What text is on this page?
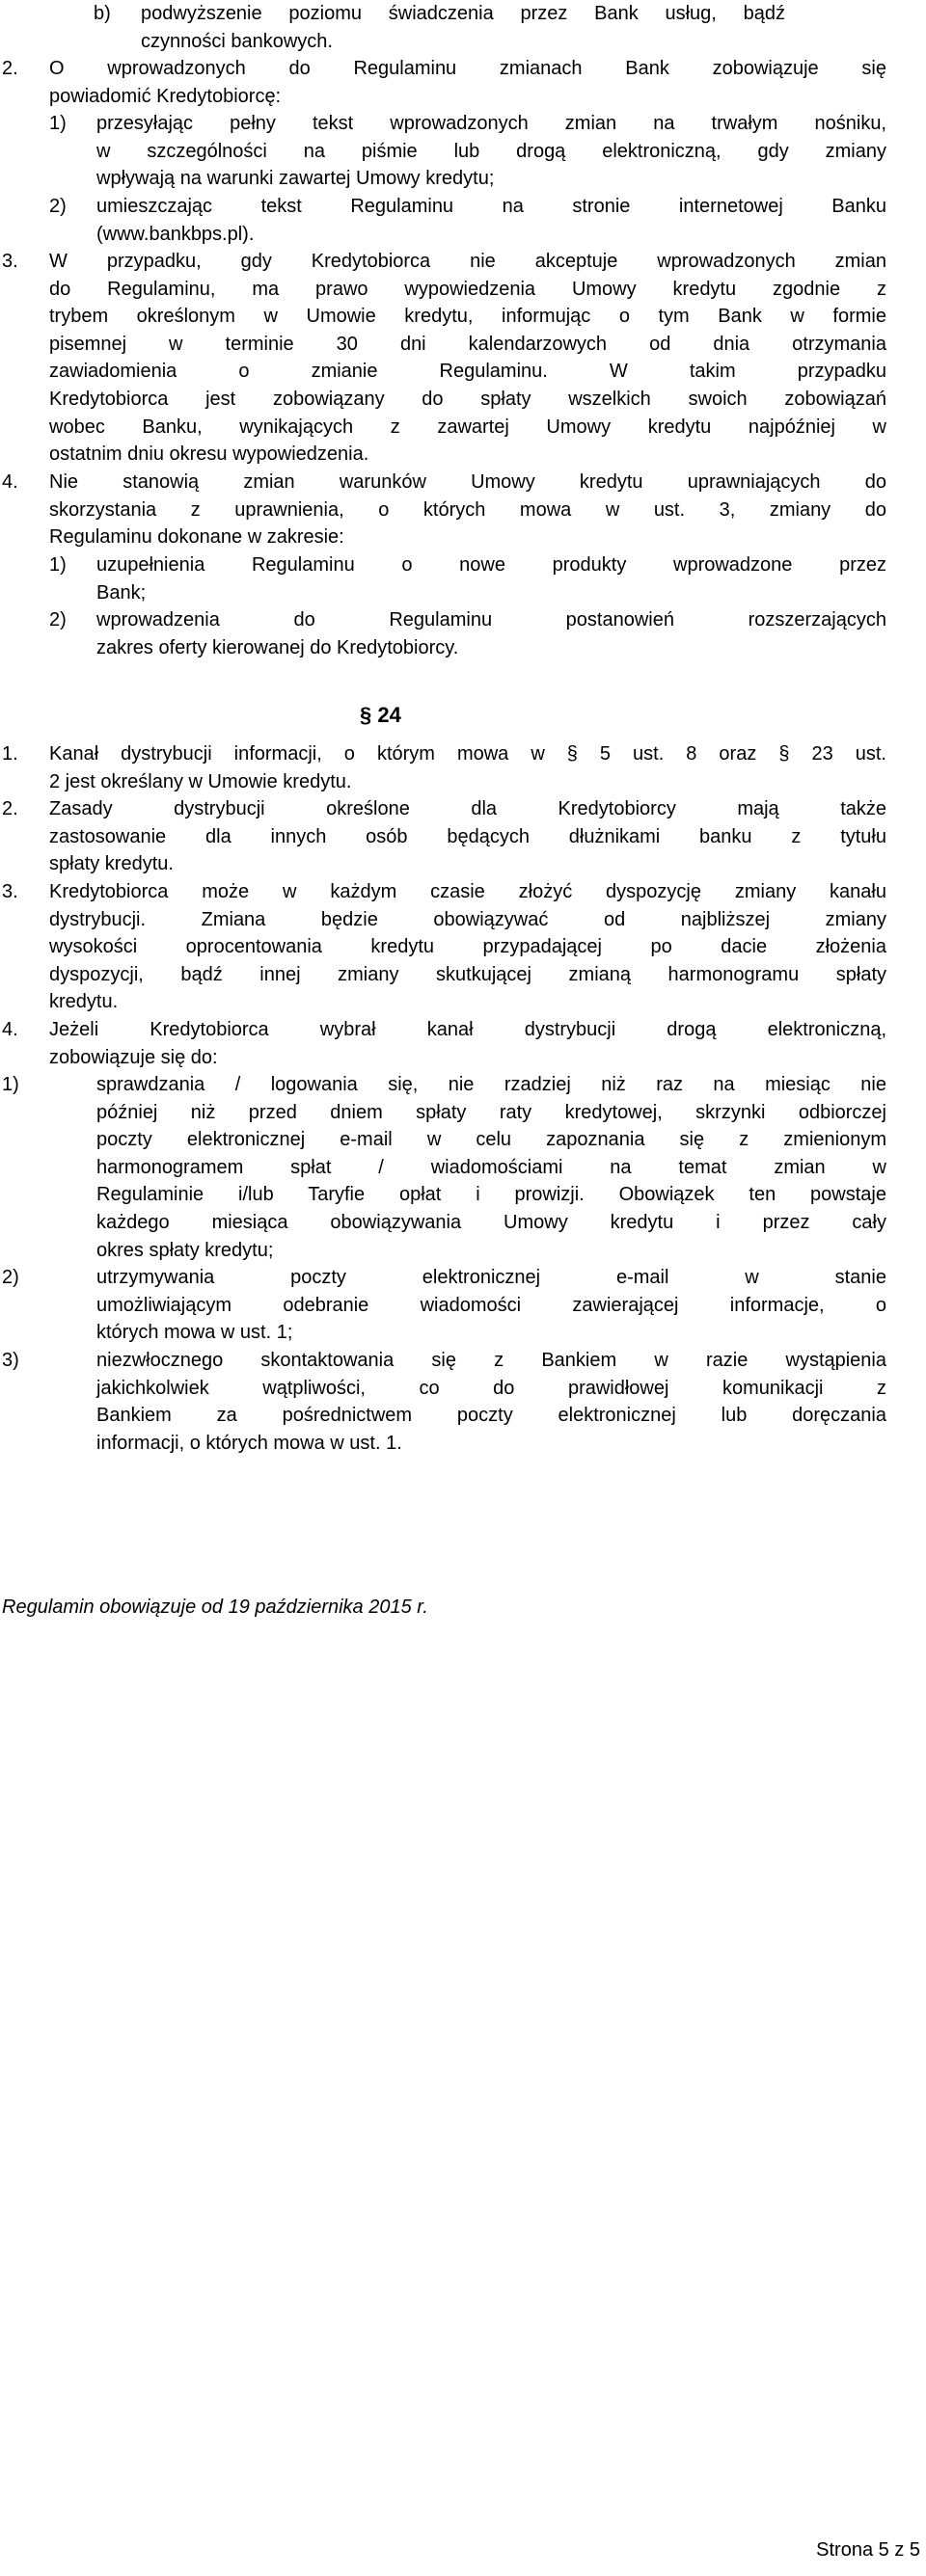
b) podwyższenie poziomu świadczenia przez Bank usług, bądź
czynności bankowych.
2. O wprowadzonych do Regulaminu zmianach Bank zobowiązuje się
powiadomić Kredytobiorcę:
1) przesyłając pełny tekst wprowadzonych zmian na trwałym nośniku,
w szczególności na piśmie lub drogą elektroniczną, gdy zmiany
wpływają na warunki zawartej Umowy kredytu;
2) umieszczając tekst Regulaminu na stronie internetowej Banku
(www.bankbps.pl).
3. W przypadku, gdy Kredytobiorca nie akceptuje wprowadzonych zmian
do Regulaminu, ma prawo wypowiedzenia Umowy kredytu zgodnie z
trybem określonym w Umowie kredytu, informując o tym Bank w formie
pisemnej w terminie 30 dni kalendarzowych od dnia otrzymania
zawiadomienia o zmianie Regulaminu. W takim przypadku
Kredytobiorca jest zobowiązany do spłaty wszelkich swoich zobowiązań
wobec Banku, wynikających z zawartej Umowy kredytu najpóźniej w
ostatnim dniu okresu wypowiedzenia.
4. Nie stanowią zmian warunków Umowy kredytu uprawniających do
skorzystania z uprawnienia, o których mowa w ust. 3, zmiany do
Regulaminu dokonane w zakresie:
1) uzupełnienia Regulaminu o nowe produkty wprowadzone przez
Bank;
2) wprowadzenia do Regulaminu postanowień rozszerzających
zakres oferty kierowanej do Kredytobiorcy.
§ 24
1. Kanał dystrybucji informacji, o którym mowa w § 5 ust. 8 oraz § 23 ust.
2 jest określany w Umowie kredytu.
2. Zasady dystrybucji określone dla Kredytobiorcy mają także
zastosowanie dla innych osób będących dłużnikami banku z tytułu
spłaty kredytu.
3. Kredytobiorca może w każdym czasie złożyć dyspozycję zmiany kanału
dystrybucji. Zmiana będzie obowiązywać od najbliższej zmiany
wysokości oprocentowania kredytu przypadającej po dacie złożenia
dyspozycji, bądź innej zmiany skutkującej zmianą harmonogramu spłaty
kredytu.
4. Jeżeli Kredytobiorca wybrał kanał dystrybucji drogą elektroniczną,
zobowiązuje się do:
1)	sprawdzania / logowania się, nie rzadziej niż raz na miesiąc nie
później niż przed dniem spłaty raty kredytowej, skrzynki odbiorczej
poczty elektronicznej e-mail w celu zapoznania się z zmienionym
harmonogramem spłat / wiadomościami na temat zmian w
Regulaminie i/lub Taryfie opłat i prowizji. Obowiązek ten powstaje
każdego miesiąca obowiązywania Umowy kredytu i przez cały
okres spłaty kredytu;
2)	utrzymywania poczty elektronicznej e-mail w stanie
umożliwiającym odebranie wiadomości zawierającej informacje, o
których mowa w ust. 1;
3)	niezwłocznego skontaktowania się z Bankiem w razie wystąpienia
jakichkolwiek wątpliwości, co do prawidłowej komunikacji z
Bankiem za pośrednictwem poczty elektronicznej lub doręczania
informacji, o których mowa w ust. 1.
Regulamin obowiązuje od 19 października 2015 r.
Strona 5 z 5
